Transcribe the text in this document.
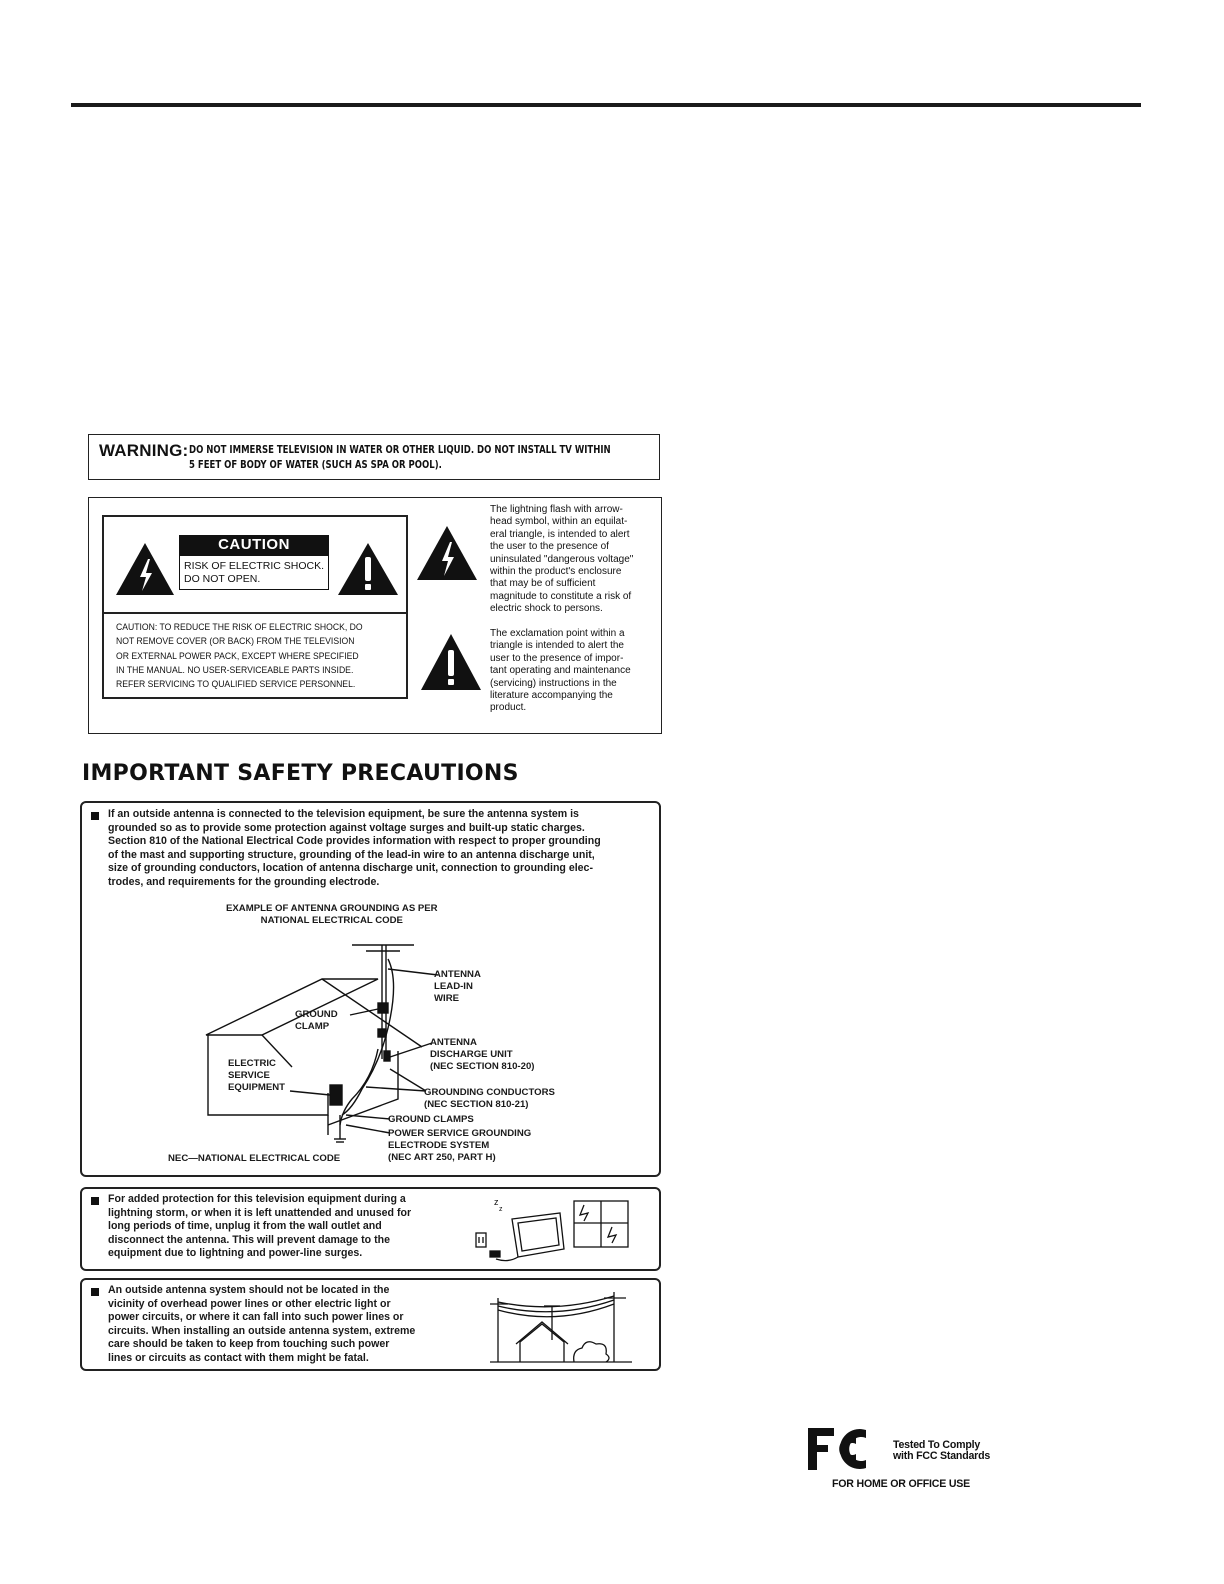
WARNING: DO NOT IMMERSE TELEVISION IN WATER OR OTHER LIQUID. DO NOT INSTALL TV WITHIN
5 FEET OF BODY OF WATER (SUCH AS SPA OR POOL).
CAUTION
RISK OF ELECTRIC SHOCK.
DO NOT OPEN.
CAUTION: TO REDUCE THE RISK OF ELECTRIC SHOCK, DO
NOT REMOVE COVER (OR BACK) FROM THE TELEVISION
OR EXTERNAL POWER PACK, EXCEPT WHERE SPECIFIED
IN THE MANUAL. NO USER-SERVICEABLE PARTS INSIDE.
REFER SERVICING TO QUALIFIED SERVICE PERSONNEL.
The lightning flash with arrow-
head symbol, within an equilat-
eral triangle, is intended to alert
the user to the presence of
uninsulated "dangerous voltage"
within the product's enclosure
that may be of sufficient
magnitude to constitute a risk of
electric shock to persons.
The exclamation point within a
triangle is intended to alert the
user to the presence of impor-
tant operating and maintenance
(servicing) instructions in the
literature accompanying the
product.
IMPORTANT SAFETY PRECAUTIONS
If an outside antenna is connected to the television equipment, be sure the antenna system is
grounded so as to provide some protection against voltage surges and built-up static charges.
Section 810 of the National Electrical Code provides information with respect to proper grounding
of the mast and supporting structure, grounding of the lead-in wire to an antenna discharge unit,
size of grounding conductors, location of antenna discharge unit, connection to grounding elec-
trodes, and requirements for the grounding electrode.
EXAMPLE OF ANTENNA GROUNDING AS PER
NATIONAL ELECTRICAL CODE
ANTENNA
LEAD-IN
WIRE
GROUND
CLAMP
ANTENNA
DISCHARGE UNIT
(NEC SECTION 810-20)
ELECTRIC
SERVICE
EQUIPMENT	GROUNDING CONDUCTORS
(NEC SECTION 810-21)
GROUND CLAMPS
POWER SERVICE GROUNDING
ELECTRODE SYSTEM
(NEC ART 250, PART H)
NEC—NATIONAL ELECTRICAL CODE
For added protection for this television equipment during a
lightning storm, or when it is left unattended and unused for
long periods of time, unplug it from the wall outlet and
disconnect the antenna. This will prevent damage to the
equipment due to lightning and power-line surges.
z
z
An outside antenna system should not be located in the
vicinity of overhead power lines or other electric light or
power circuits, or where it can fall into such power lines or
circuits. When installing an outside antenna system, extreme
care should be taken to keep from touching such power
lines or circuits as contact with them might be fatal.
Tested To Comply
with FCC Standards
FOR HOME OR OFFICE USE
